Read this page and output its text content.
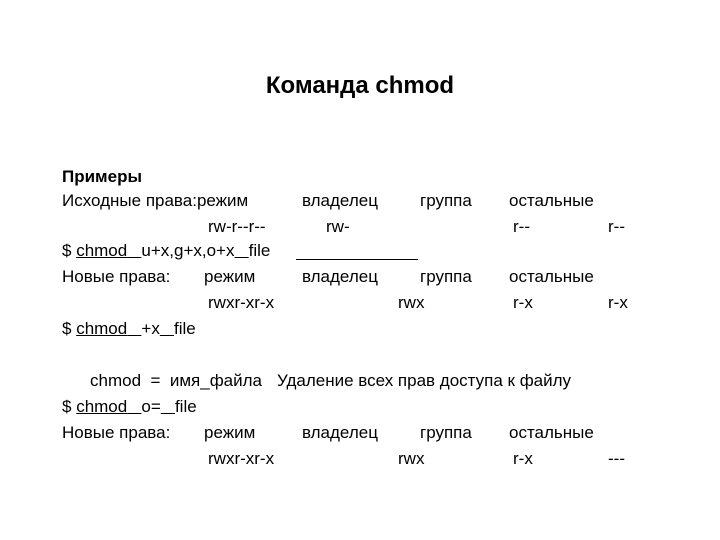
Команда chmod
Примеры
Исходные права:режим	владелец группа остальные
rw-r--r--	rw-	r--	r--
$ chmod u+x,g+x,o+x file
Новые права: режим	владелец группа остальные
rwxr-xr-x	rwx	r-x	r-x
$ chmod +x file
chmod  =  имя_файла Удаление всех прав доступа к файлу
$ chmod o= file
Новые права: режим	владелец группа остальные
rwxr-xr-x	rwx	r-x	---
